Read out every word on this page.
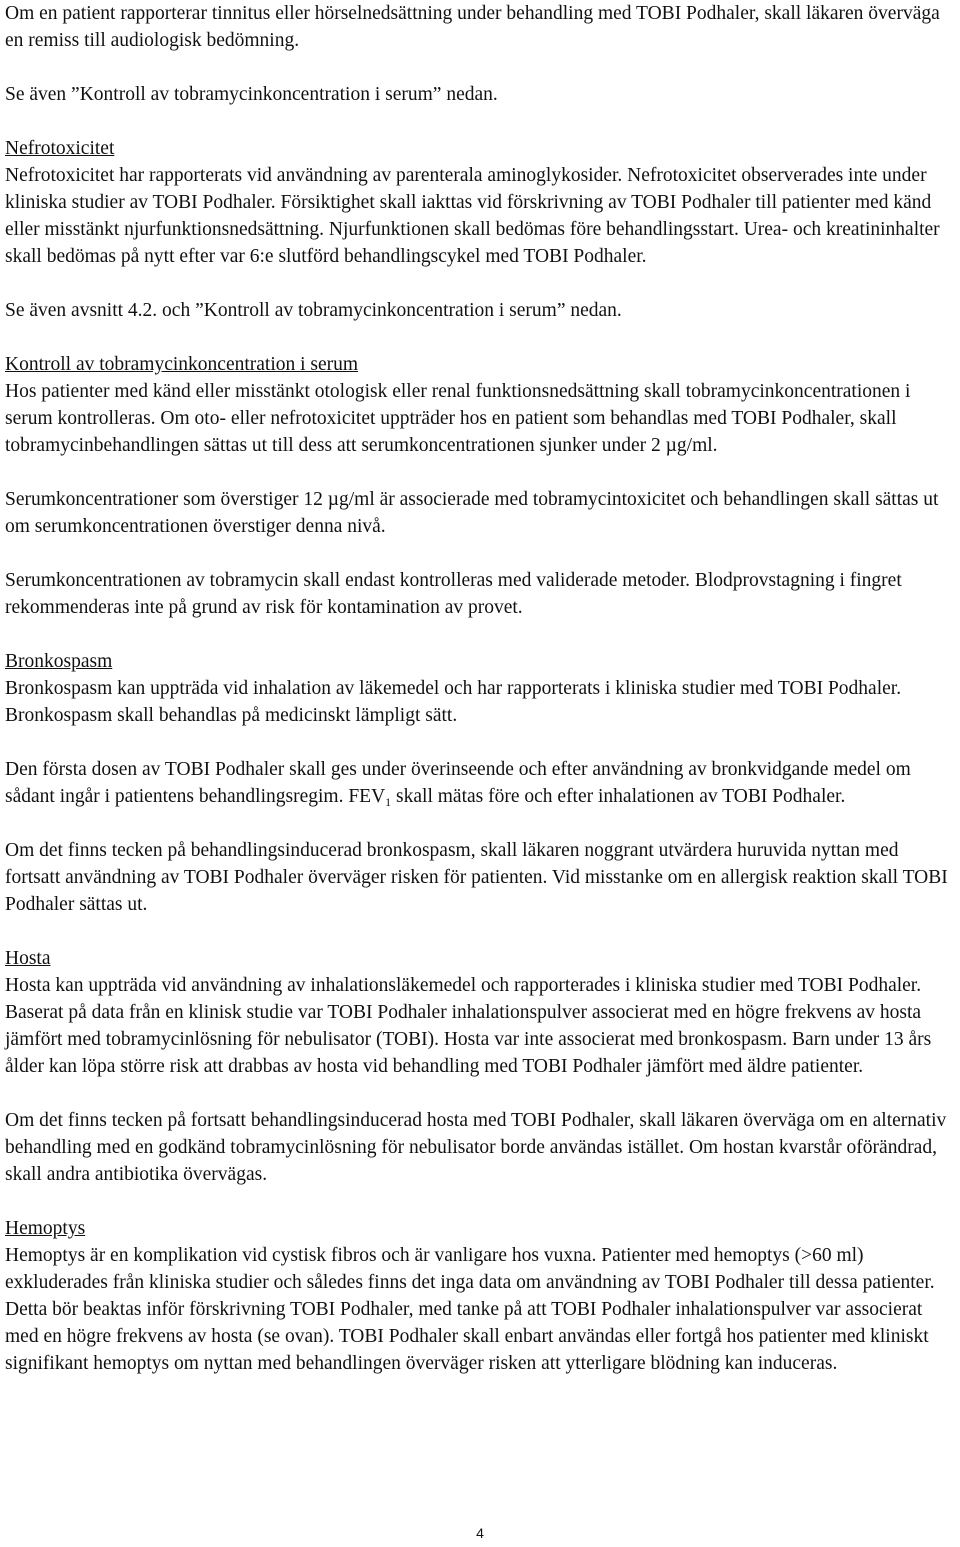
Om en patient rapporterar tinnitus eller hörselnedsättning under behandling med TOBI Podhaler, skall läkaren överväga en remiss till audiologisk bedömning.

Se även ”Kontroll av tobramycinkoncentration i serum” nedan.

Nefrotoxicitet

Nefrotoxicitet har rapporterats vid användning av parenterala aminoglykosider. Nefrotoxicitet observerades inte under kliniska studier av TOBI Podhaler. Försiktighet skall iakttas vid förskrivning av TOBI Podhaler till patienter med känd eller misstänkt njurfunktionsnedsättning. Njurfunktionen skall bedömas före behandlingsstart. Urea- och kreatininhalter skall bedömas på nytt efter var 6:e slutförd behandlingscykel med TOBI Podhaler.

Se även avsnitt 4.2. och ”Kontroll av tobramycinkoncentration i serum” nedan.

Kontroll av tobramycinkoncentration i serum

Hos patienter med känd eller misstänkt otologisk eller renal funktionsnedsättning skall tobramycinkoncentrationen i serum kontrolleras. Om oto- eller nefrotoxicitet uppträder hos en patient som behandlas med TOBI Podhaler, skall tobramycinbehandlingen sättas ut till dess att serumkoncentrationen sjunker under 2 µg/ml.

Serumkoncentrationer som överstiger 12 µg/ml är associerade med tobramycintoxicitet och behandlingen skall sättas ut om serumkoncentrationen överstiger denna nivå.

Serumkoncentrationen av tobramycin skall endast kontrolleras med validerade metoder. Blodprovstagning i fingret rekommenderas inte på grund av risk för kontamination av provet.

Bronkospasm

Bronkospasm kan uppträda vid inhalation av läkemedel och har rapporterats i kliniska studier med TOBI Podhaler. Bronkospasm skall behandlas på medicinskt lämpligt sätt.

Den första dosen av TOBI Podhaler skall ges under överinseende och efter användning av bronkvidgande medel om sådant ingår i patientens behandlingsregim. $FEV_1$ skall mätas före och efter inhalationen av TOBI Podhaler.

Om det finns tecken på behandlingsinducerad bronkospasm, skall läkaren noggrant utvärdera huruvida nyttan med fortsatt användning av TOBI Podhaler överväger risken för patienten. Vid misstanke om en allergisk reaktion skall TOBI Podhaler sättas ut.

Hosta

Hosta kan uppträda vid användning av inhalationsläkemedel och rapporterades i kliniska studier med TOBI Podhaler. Baserat på data från en klinisk studie var TOBI Podhaler inhalationspulver associerat med en högre frekvens av hosta jämfört med tobramycinlösning för nebulisator (TOBI). Hosta var inte associerat med bronkospasm. Barn under 13 års ålder kan löpa större risk att drabbas av hosta vid behandling med TOBI Podhaler jämfört med äldre patienter.

Om det finns tecken på fortsatt behandlingsinducerad hosta med TOBI Podhaler, skall läkaren överväga om en alternativ behandling med en godkänd tobramycinlösning för nebulisator borde användas istället. Om hostan kvarstår oförändrad, skall andra antibiotika övervägas.

Hemoptys

Hemoptys är en komplikation vid cystisk fibros och är vanligare hos vuxna. Patienter med hemoptys (>60 ml) exkluderades från kliniska studier och således finns det inga data om användning av TOBI Podhaler till dessa patienter. Detta bör beaktas inför förskrivning TOBI Podhaler, med tanke på att TOBI Podhaler inhalationspulver var associerat med en högre frekvens av hosta (se ovan). TOBI Podhaler skall enbart användas eller fortgå hos patienter med kliniskt signifikant hemoptys om nyttan med behandlingen överväger risken att ytterligare blödning kan induceras.

4
